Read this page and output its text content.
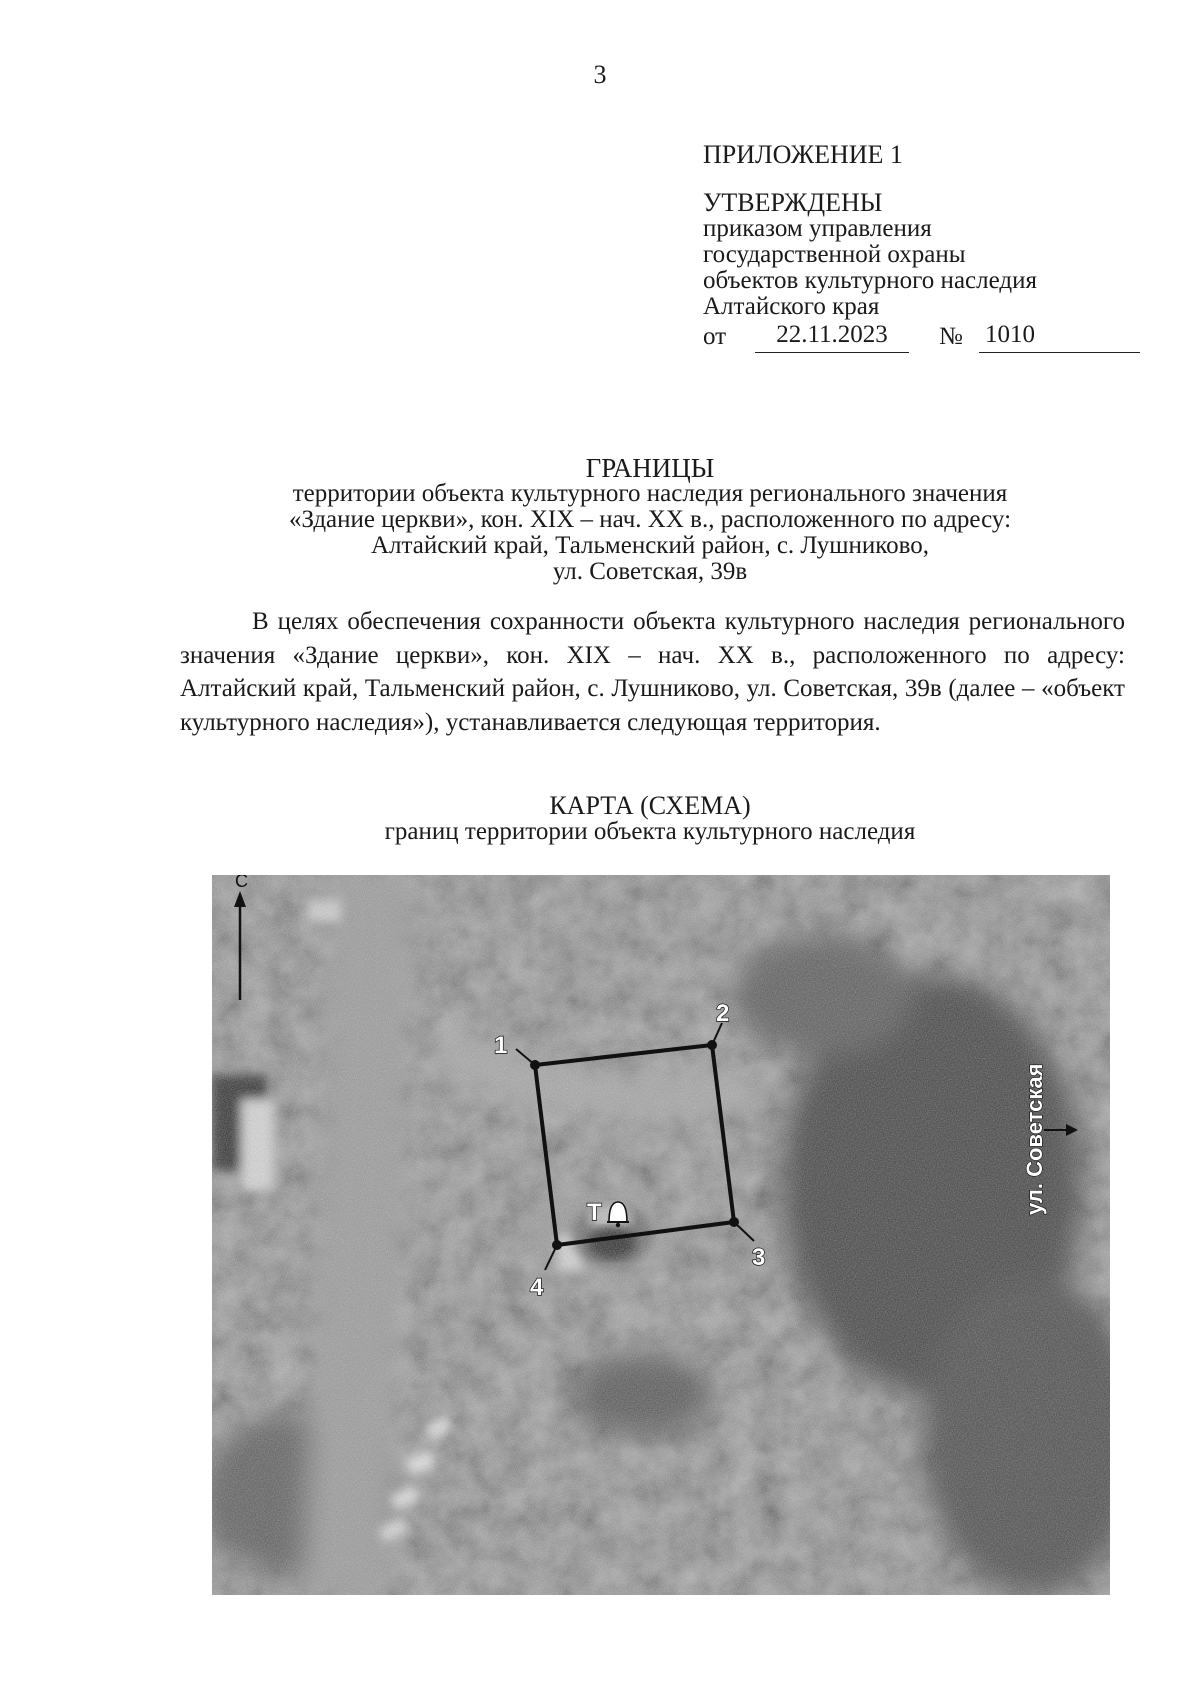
3
ПРИЛОЖЕНИЕ 1
УТВЕРЖДЕНЫ
приказом управления
государственной охраны
объектов культурного наследия
Алтайского края
от	22.11.2023	№ 1010
ГРАНИЦЫ
территории объекта культурного наследия регионального значения
«Здание церкви», кон. XIX – нач. XX в., расположенного по адресу:
Алтайский край, Тальменский район, с. Лушниково,
ул. Советская, 39в
В целях обеспечения сохранности объекта культурного наследия регионального значения «Здание церкви», кон. XIX – нач. XX в., расположенного по адресу: Алтайский край, Тальменский район, с. Лушниково, ул. Советская, 39в (далее – «объект культурного наследия»), устанавливается следующая территория.
КАРТА (СХЕМА)
границ территории объекта культурного наследия
С
1
2
3
4
Т	ул. Советская
